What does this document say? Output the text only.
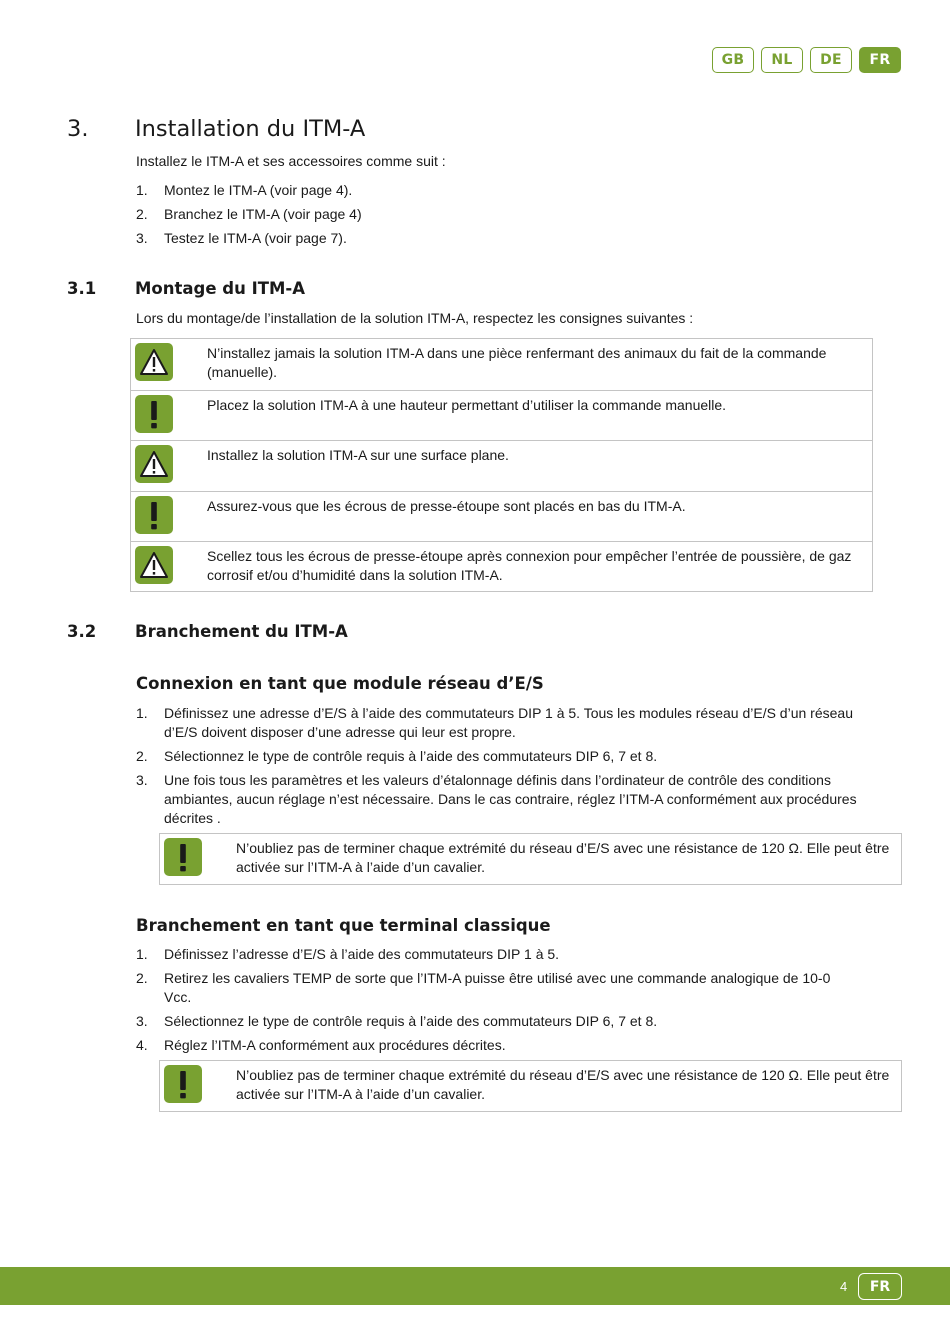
GB	NL	DE	FR
3.	Installation du ITM-A
Installez le ITM-A et ses accessoires comme suit :
1.	Montez le ITM-A (voir page 4).
2.	Branchez le ITM-A (voir page 4)
3.	Testez le ITM-A (voir page 7).
3.1	Montage du ITM-A
Lors du montage/de l’installation de la solution ITM-A, respectez les consignes suivantes :
N’installez jamais la solution ITM-A dans une pièce renfermant des animaux du fait de la commande (manuelle).
Placez la solution ITM-A à une hauteur permettant d’utiliser la commande manuelle.
Installez la solution ITM-A sur une surface plane.
Assurez-vous que les écrous de presse-étoupe sont placés en bas du ITM-A.
Scellez tous les écrous de presse-étoupe après connexion pour empêcher l’entrée de poussière, de gaz corrosif et/ou d’humidité dans la solution ITM-A.
3.2	Branchement du ITM-A
Connexion en tant que module réseau d’E/S
1.	Définissez une adresse d’E/S à l’aide des commutateurs DIP 1 à 5. Tous les modules réseau d’E/S d’un réseau d’E/S doivent disposer d’une adresse qui leur est propre.
2.	Sélectionnez le type de contrôle requis à l’aide des commutateurs DIP 6, 7 et 8.
3.	Une fois tous les paramètres et les valeurs d’étalonnage définis dans l’ordinateur de contrôle des conditions ambiantes, aucun réglage n’est nécessaire. Dans le cas contraire, réglez l’ITM-A conformément aux procédures décrites .
N’oubliez pas de terminer chaque extrémité du réseau d’E/S avec une résistance de 120 Ω. Elle peut être activée sur l’ITM-A à l’aide d’un cavalier.
Branchement en tant que terminal classique
1.	Définissez l’adresse d’E/S à l’aide des commutateurs DIP 1 à 5.
2.	Retirez les cavaliers TEMP de sorte que l’ITM-A puisse être utilisé avec une commande analogique de 10-0 Vcc.
3.	Sélectionnez le type de contrôle requis à l’aide des commutateurs DIP 6, 7 et 8.
4.	Réglez l’ITM-A conformément aux procédures décrites.
N’oubliez pas de terminer chaque extrémité du réseau d’E/S avec une résistance de 120 Ω. Elle peut être activée sur l’ITM-A à l’aide d’un cavalier.
4	FR
